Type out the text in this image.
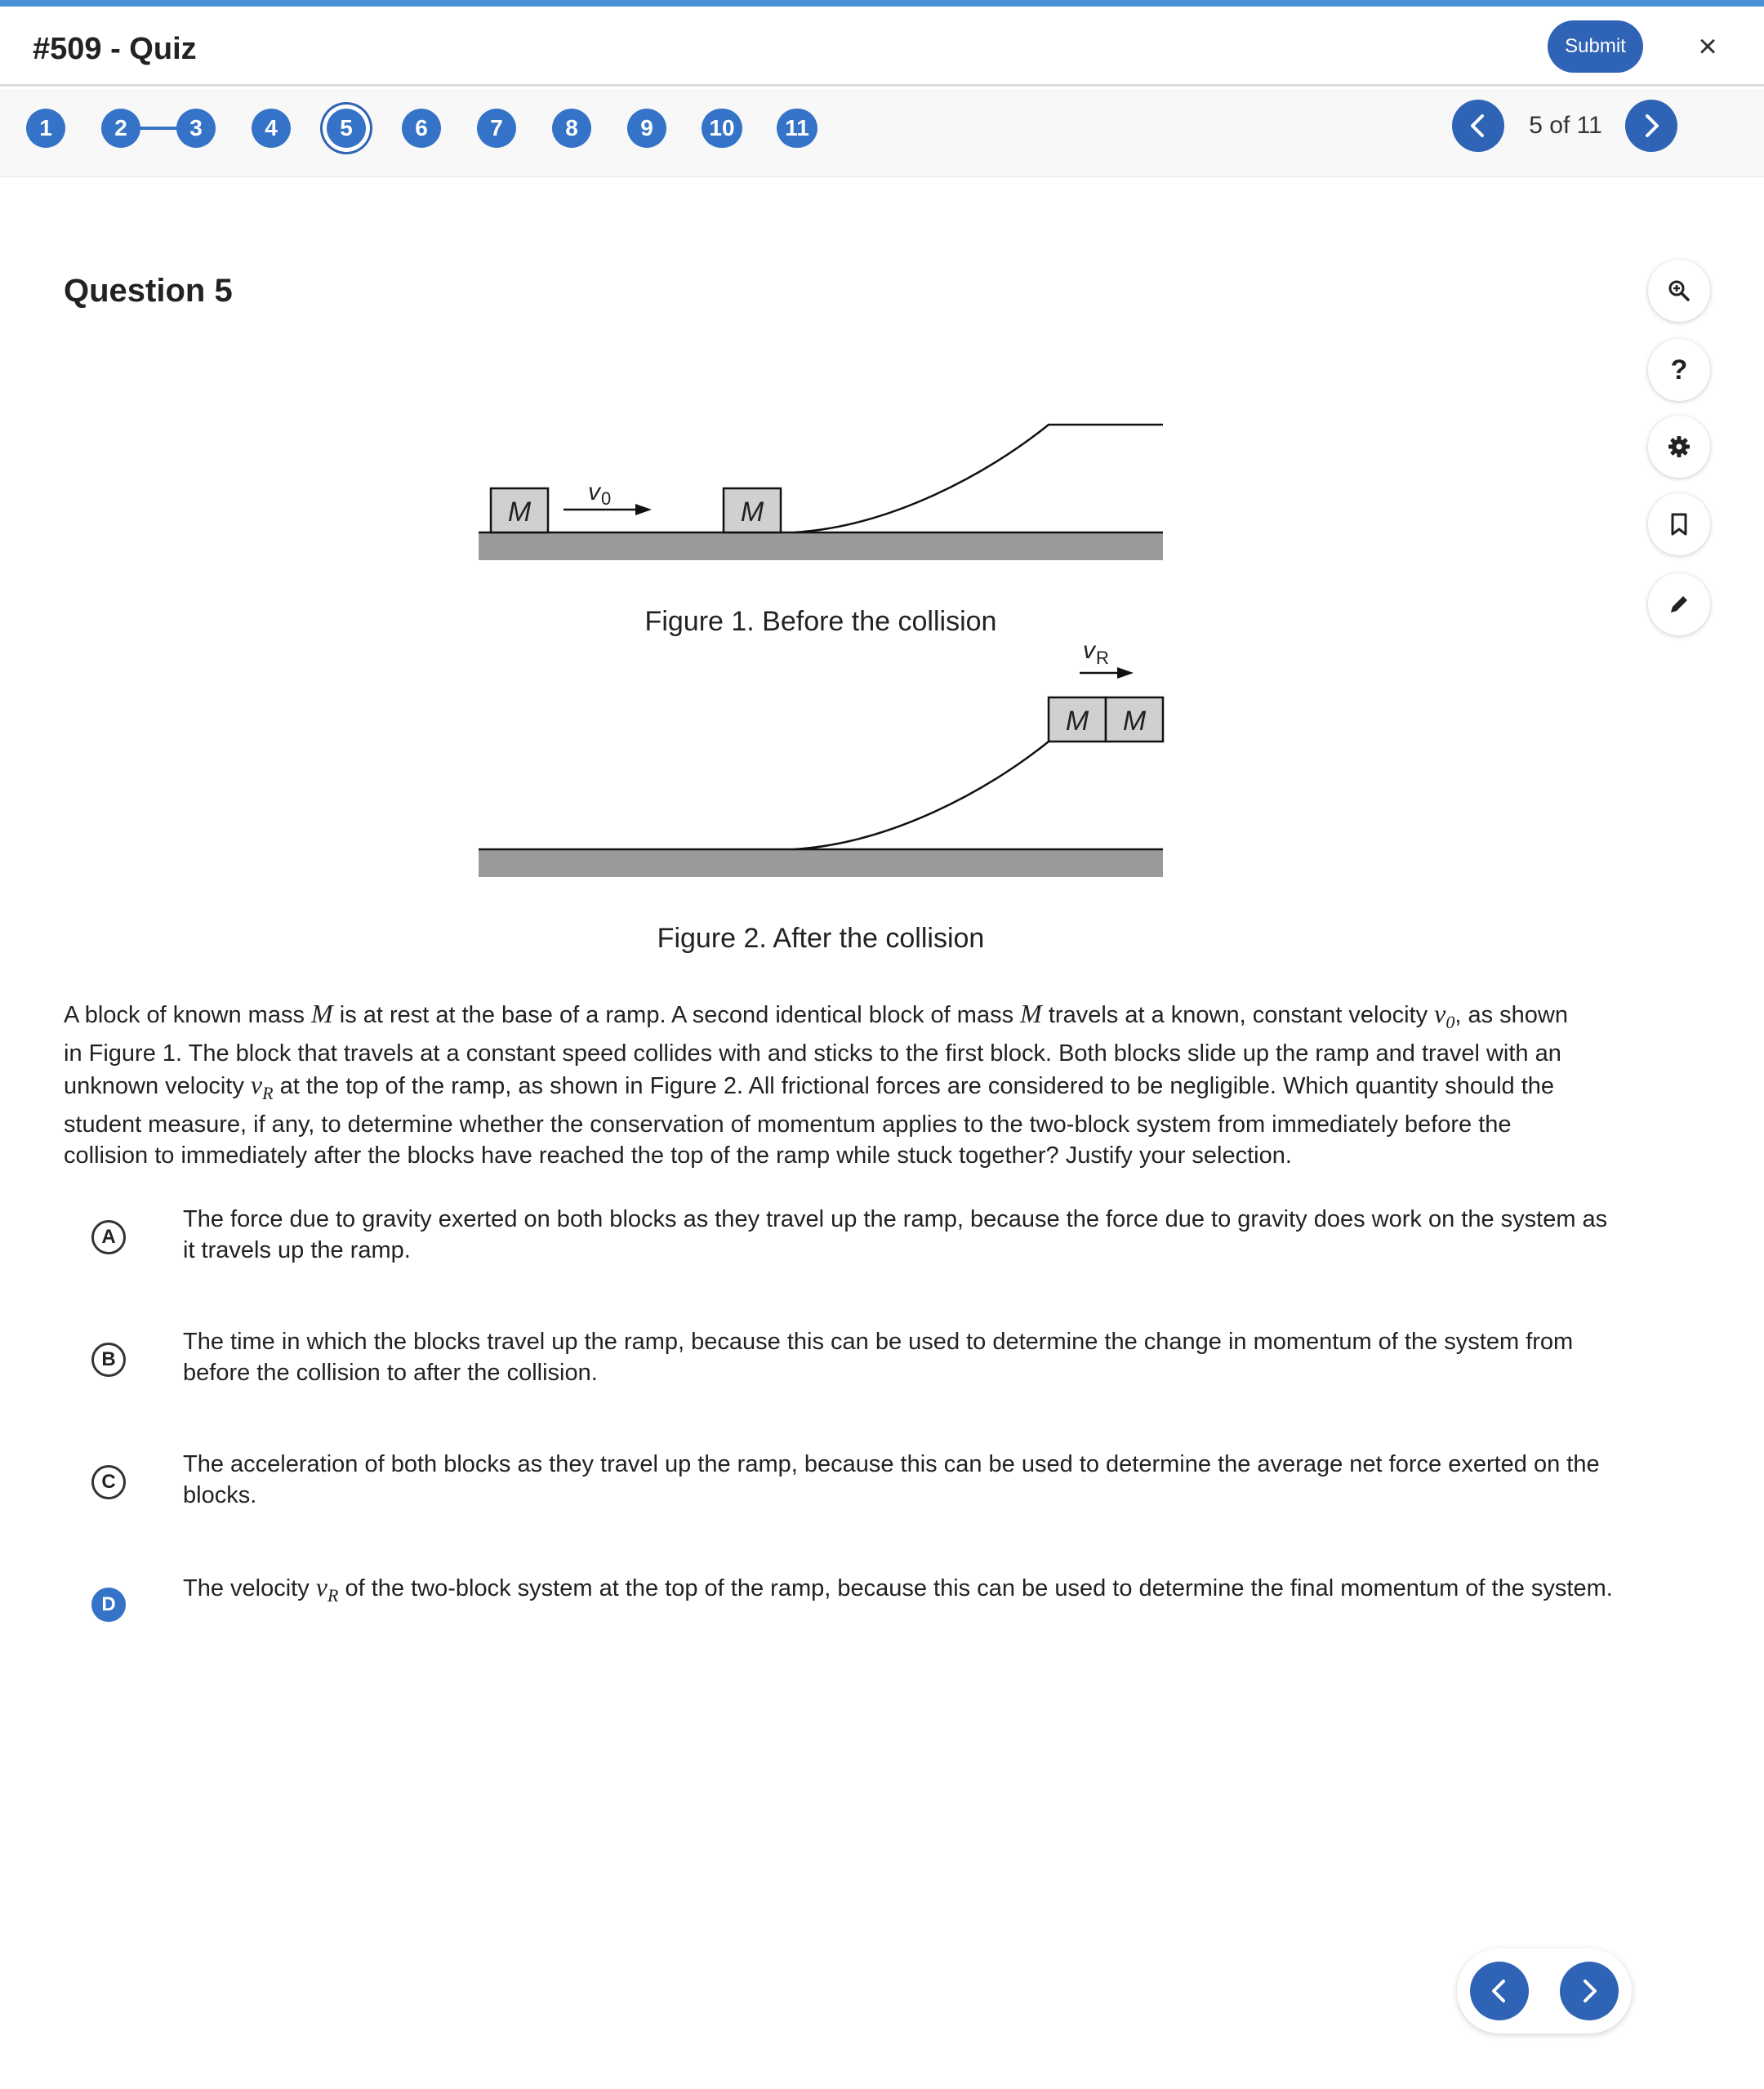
#509 - Quiz	Submit	×
1	2	3	4	5	6	7	8	9	10	11	5 of 11
Question 5
?
M	M
v 0
Figure 1. Before the collision
M M
v R
Figure 2. After the collision

A block of known mass M is at rest at the base of a ramp. A second identical block of mass M travels at a known, constant velocity $v_0$, as shown in Figure 1. The block that travels at a constant speed collides with and sticks to the first block. Both blocks slide up the ramp and travel with an unknown velocity $v_R$ at the top of the ramp, as shown in Figure 2. All frictional forces are considered to be negligible. Which quantity should the student measure, if any, to determine whether the conservation of momentum applies to the two-block system from immediately before the collision to immediately after the blocks have reached the top of the ramp while stuck together? Justify your selection.

A
The force due to gravity exerted on both blocks as they travel up the ramp, because the force due to gravity does work on the system as it travels up the ramp.
B
The time in which the blocks travel up the ramp, because this can be used to determine the change in momentum of the system from before the collision to after the collision.
C
The acceleration of both blocks as they travel up the ramp, because this can be used to determine the average net force exerted on the blocks.
D
The velocity $v_R$ of the two-block system at the top of the ramp, because this can be used to determine the final momentum of the system.
